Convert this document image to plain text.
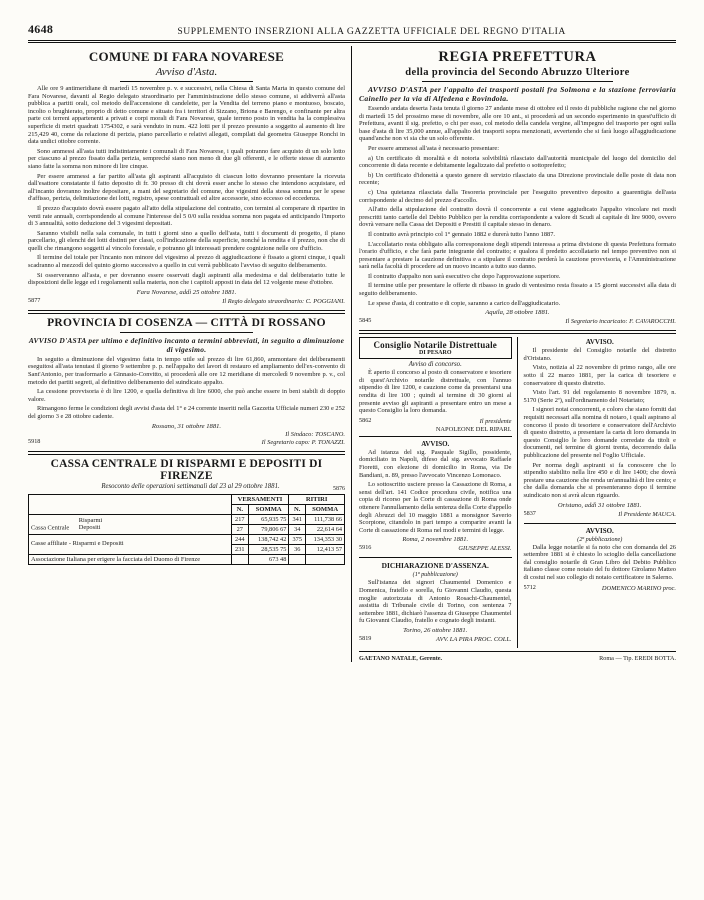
4648	SUPPLEMENTO INSERZIONI ALLA GAZZETTA UFFICIALE DEL REGNO D'ITALIA
COMUNE DI FARA NOVARESE
Avviso d'Asta.

Alle ore 9 antimeridiane di martedì 15 novembre p. v. e successivi, nella Chiesa di Santa Marta in questo comune del Fara Novarese, davanti al Regio delegato straordinario per l'amministrazione dello stesso comune, si addiverrà all'asta pubblica a partiti orali, col metodo dell'accensione di candelette, per la Vendita del terreno piano e montuoso, boscato, incolto o brughierato, proprio di detto comune e situato fra i territori di Sizzano, Briona e Barengo, e confinante per altra parte coi terreni appartenenti a privati e corpi morali di Fara Novarese, quale terreno posto in vendita ha la complessiva superficie di metri quadrati 1754302, e sarà venduto in num. 422 lotti per il prezzo presunto a soggetto al aumento di lire 215,429 40, come da relazione di perizia, piano parcellario e relativi allegati, compilati dal geometra Giuseppe Ronchi in data undici ottobre corrente.

Sono ammessi all'asta tutti indistintamente i comunali di Fara Novarese, i quali potranno fare acquisto di un solo lotto per ciascuno al prezzo fissato dalla perizia, sempreché siano non meno di due gli offerenti, e le offerte stesse di aumento siano fatte la somma non minore di lire cinque.

Per essere ammessi a far partito all'asta gli aspiranti all'acquisto di ciascun lotto dovranno presentare la ricevuta dall'esattore constatante il fatto deposito di fr. 30 presso di chi dovrà esser anche lo stesso che intendono acquistare, ed all'incanto dovranno inoltre depositare, a mani del segretario del comune, due vigesimi della stessa somma per le spese d'affisso, perizia, delimitazione dei lotti, registro, spese contrattuali ed altre accessorie, sino eccesso od eccedenza.

Il prezzo d'acquisto dovrà essere pagato all'atto della stipulazione del contratto, con termini al comperare di ripartire in venti rate annuali, corrispondendo al comune l'interesse del 5 0/0 sulla residua somma non pagata ed anticipando l'importo di 3 annualità, sotto deduzione del 3 vigesimi depositati.

Saranno visibili nella sala comunale, in tutti i giorni sino a quello dell'asta, tutti i documenti di progetto, il piano parcellario, gli elenchi dei lotti distinti per classi, coll'indicazione della superficie, nonché la rendita e il prezzo, non che di quelli che rimangono soggetti al vincolo forestale, e potranno gli interessati prendere cognizione nelle ore d'ufficio.

Il termine del totale per l'incanto non minore del vigesimo al prezzo di aggiudicazione è fissato a giorni cinque, i quali scadranno al mezzodì del quinto giorno successivo a quello in cui verrà pubblicato l'avviso di seguito deliberamento.

Si osserveranno all'asta, e per dovranno essere osservati dagli aspiranti alla medesima e dal deliberatario tutte le disposizioni delle legge ed i regolamenti sulla materia, non che i capitoli apposti in data del 12 volgente mese d'ottobre.

Fara Novarese, addì 25 ottobre 1881.
5877	Il Regio delegato straordinario: C. POGGIANI.
PROVINCIA DI COSENZA — CITTÀ DI ROSSANO
AVVISO D'ASTA per ultimo e definitivo incanto a termini abbreviati, in seguito a diminuzione di vigesimo.

In seguito a diminuzione del vigesimo fatta in tempo utile sul prezzo di lire 61,860, ammontare dei deliberamenti eseguitosi all'asta tenutasi il giorno 9 settembre p. p. nell'appalto dei lavori di restauro ed ampliamento dell'ex-convento di Sant'Antonio, per trasformarlo a Ginnasio-Convitto, si procederà alle ore 12 meridiane di mercoledì 9 novembre p. v., col metodo dei partiti segreti, al definitivo deliberamento del suindicato appalto.

La cessione provvisoria è di lire 1200, e quella definitiva di lire 6000, che può anche essere in beni stabili di doppio valore.

Rimangono ferme le condizioni degli avvisi d'asta del 1° e 24 corrente inseriti nella Gazzetta Ufficiale numeri 230 e 252 del giorno 3 e 28 ottobre cadente.

Rossano, 31 ottobre 1881.
Il Sindaco: TOSCANO.
5918	Il Segretario capo: P. TONAZZI.
CASSA CENTRALE DI RISPARMI E DEPOSITI DI FIRENZE
Resoconto delle operazioni settimanali dal 23 al 29 ottobre 1881.	5876
	VERSAMENTI		RITIRI	
	N.	SOMMA	N.	SOMMA
Cassa Centrale
Risparmi
Depositi	217	65,935 75	341	111,738 66
	27	79,806 67	34	22,614 64
Casse affiliate - Risparmi e Depositi	244	138,742 42	375	134,353 30
	231	28,535 75	36	12,413 57
Associazione Italiana per erigere la facciata del Duomo di Firenze		673 48		
REGIA PREFETTURA
della provincia del Secondo Abruzzo Ulteriore
AVVISO D'ASTA per l'appalto dei trasporti postali fra Solmona e la stazione ferroviaria Cainello per la via di Alfedena e Rovindola.

Essendo andata deserta l'asta tenuta il giorno 27 andante mese di ottobre ed il resto di pubbliche ragione che nel giorno di martedì 15 del prossimo mese di novembre, alle ore 10 ant., si procederà ad un secondo esperimento in quest'ufficio di Prefettura, avanti il sig. prefetto, o chi per esso, col metodo della candela vergine, all'impegno del trasporto per ogni sulla base d'asta di lire 35,000 annue, all'appalto dei trasporti sopra menzionati, avvertendo che si farà luogo all'aggiudicazione quand'anche non vi sia che un solo offerente.

Per essere ammessi all'asta è necessario presentare:

a) Un certificato di moralità e di notoria solvibilità rilasciato dall'autorità municipale del luogo del domicilio del concorrente di data recente e debitamente legalizzato dal prefetto o sottoprefetto;

b) Un certificato d'idoneità a questo genere di servizio rilasciato da una Direzione provinciale delle poste di data non recente;

c) Una quietanza rilasciata dalla Tesoreria provinciale per l'eseguito preventivo deposito a guarentigia dell'asta corrispondente al decimo del prezzo d'accollo.

All'atto della stipulazione del contratto dovrà il concorrente a cui viene aggiudicato l'appalto vincolare nei modi prescritti tanto cartelle del Debito Pubblico per la rendita corrispondente a valore di Scudi al capitale di lire 9000, ovvero dovrà versare nella Cassa dei Depositi e Prestiti il capitale stesso in denaro.

Il contratto avrà principio col 1° gennaio 1882 e durerà tutto l'anno 1887.

L'accollatario resta obbligato alla corresponsione degli stipendi interessa a prima divisione di questa Prefettura formato l'orario d'ufficio, e che farà parte integrante del contratto; e qualora il predetto accollatario nel tempo preventivo non si presentare a prestare la cauzione definitiva e a stipulare il contratto perderà la cauzione provvisoria, e l'Amministrazione sarà nella facoltà di procedere ad un nuovo incanto a tutto suo danno.

Il contratto d'appalto non sarà esecutivo che dopo l'approvazione superiore.

Il termine utile per presentare le offerte di ribasso in grado di ventesimo resta fissato a 15 giorni successivi alla data di seguito deliberamento.

Le spese d'asta, di contratto e di copie, saranno a carico dell'aggiudicatario.

Aquila, 28 ottobre 1881.
5845	Il Segretario incaricato: F. CAVAROCCHI.
Consiglio Notarile Distrettuale
DI PESARO
Avviso di concorso.

È aperto il concorso al posto di conservatore e tesoriere di quest'Archivio notarile distrettuale, con l'annuo stipendio di lire 1200, e cauzione come da presentarsi una rendita di lire 100 ; quindi al termine di 30 giorni al presente avviso gli aspiranti a presentare entro un mese a questo Consiglio la loro domanda.

5862	Il presidente
NAPOLEONE DEL RIPARI.
AVVISO.

Ad istanza del sig. Pasquale Sigillo, possidente, domiciliato in Napoli, difeso dal sig. avvocato Raffaele Fioretti, con elezione di domicilio in Roma, via De Bandiani, n. 89, presso l'avvocato Vincenzo Lomonaco.

Lo sottoscritto usciere presso la Cassazione di Roma, a sensi dell'art. 141 Codice procedura civile, notifica una copia di ricorso per la Corte di cassazione di Roma onde ottenere l'annullamento della sentenza della Corte d'appello degli Abruzzi del 10 maggio 1881 a monsignor Saverio Scorpione, citandolo in pari tempo a comparire avanti la Corte di cassazione di Roma nel modi e termini di legge.

Roma, 2 novembre 1881.
5916	GIUSEPPE ALESSI.
DICHIARAZIONE D'ASSENZA.
(1ª pubblicazione)

Sull'istanza dei signori Chaumentel Domenico e Domenica, fratello e sorella, fu Giovanni Claudio, questa moglie autorizzata di Antonio Rosachi-Chaumentel, assistita di Tribunale civile di Torino, con sentenza 7 settembre 1881, dichiarò l'assenza di Giuseppe Chaumentel fu Giovanni Claudio, fratello e cognato degli instanti.

Torino, 26 ottobre 1881.
5819	AVV. LA PIRA PROC. COLL.
AVVISO.

Il presidente del Consiglio notarile del distretto d'Oristano.

Visto, notizia al 22 novembre di primo rango, alle ore sotto il 22 marzo 1881, per la carica di tesoriere e conservatore di questo distretto.

Visto l'art. 91 del regolamento 8 novembre 1879, n. 5170 (Serie 2ª), sull'ordinamento del Notariato;

I signori notai concorrenti, e coloro che siano forniti dai requisiti necessari alla nomina di notaro, i quali aspirano al concorso il posto di tesoriere e conservatore dell'Archivio di questo distretto, a presentare la carta di loro domanda in questo Consiglio le loro domande corredate da titoli e documenti, nel termine di giorni trenta, decorrendo dalla pubblicazione del presente nel Foglio Ufficiale.

Per norma degli aspiranti si fa conoscere che lo stipendio stabilito nella lire 450 e di lire 1400; che dovrà prestare una cauzione che renda un'annualità di lire cento; e che dalla domanda che si presenteranno dopo il termine suindicato non si avrà alcun riguardo.

Oristano, addì 31 ottobre 1881.
5837	Il Presidente MAUCA.
AVVISO.
(2ª pubblicazione)

Dalla legge notarile si fa noto che con domanda del 26 settembre 1881 si è chiesto lo scioglio della cancellazione dal consiglio notarile di Gran Libro del Debito Pubblico italiano classe come notaio del fu dottore Girolamo Matteo di costui nel suo collegio di notaio certificatore in Salerno.

5712	DOMENICO MARINO proc.
GAETANO NATALE, Gerente.	Roma — Tip. EREDI BOTTA.
